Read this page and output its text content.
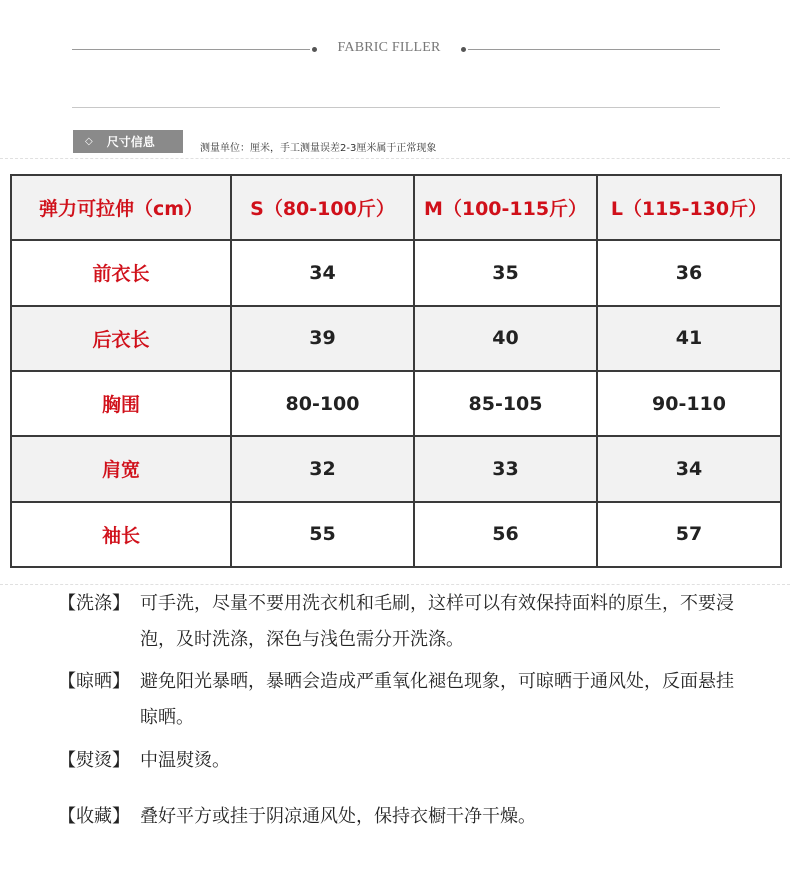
FABRIC FILLER
◇ 尺寸信息	测量单位：厘米，手工测量误差2-3厘米属于正常现象
弹力可拉伸（cm）	S（80-100斤）	M（100-115斤）	L（115-130斤）
前衣长	34	35	36
后衣长	39	40	41
胸围	80-100	85-105	90-110
肩宽	32	33	34
袖长	55	56	57
【洗涤】 可手洗，尽量不要用洗衣机和毛刷，这样可以有效保持面料的原生，不要浸泡，及时洗涤，深色与浅色需分开洗涤。
【晾晒】 避免阳光暴晒，暴晒会造成严重氧化褪色现象，可晾晒于通风处，反面悬挂晾晒。
【熨烫】 中温熨烫。
【收藏】 叠好平方或挂于阴凉通风处，保持衣橱干净干燥。
